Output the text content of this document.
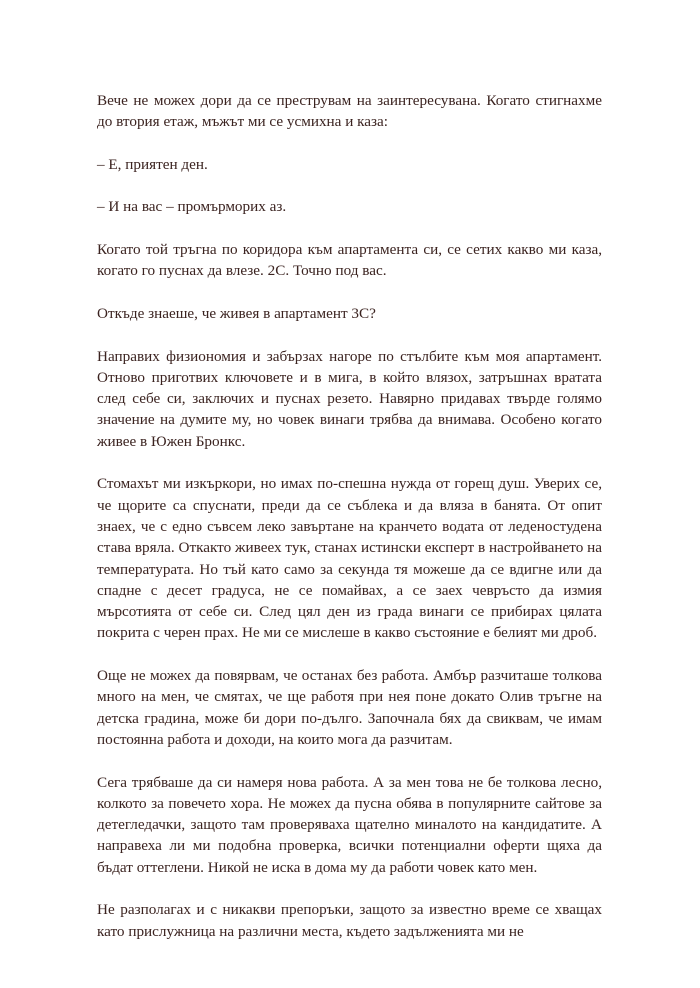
Вече не можех дори да се преструвам на заинтересувана. Когато стигнахме до втория етаж, мъжът ми се усмихна и каза:

– Е, приятен ден.

– И на вас – промърморих аз.

Когато той тръгна по коридора към апартамента си, се сетих какво ми каза, когато го пуснах да влезе. 2С. Точно под вас.

Откъде знаеше, че живея в апартамент 3С?

Направих физиономия и забързах нагоре по стълбите към моя апартамент. Отново приготвих ключовете и в мига, в който влязох, затръшнах вратата след себе си, заключих и пуснах резето. Навярно придавах твърде голямо значение на думите му, но човек винаги трябва да внимава. Особено когато живее в Южен Бронкс.

Стомахът ми изкъркори, но имах по-спешна нужда от горещ душ. Уверих се, че щорите са спуснати, преди да се съблека и да вляза в банята. От опит знаех, че с едно съвсем леко завъртане на кранчето водата от леденостудена става вряла. Откакто живеех тук, станах истински експерт в настройването на температурата. Но тъй като само за секунда тя можеше да се вдигне или да спадне с десет градуса, не се помайвах, а се заех чевръсто да измия мърсотията от себе си. След цял ден из града винаги се прибирах цялата покрита с черен прах. Не ми се мислеше в какво състояние е белият ми дроб.

Още не можех да повярвам, че останах без работа. Амбър разчиташе толкова много на мен, че смятах, че ще работя при нея поне докато Олив тръгне на детска градина, може би дори по-дълго. Започнала бях да свиквам, че имам постоянна работа и доходи, на които мога да разчитам.

Сега трябваше да си намеря нова работа. А за мен това не бе толкова лесно, колкото за повечето хора. Не можех да пусна обява в популярните сайтове за детегледачки, защото там проверяваха щателно миналото на кандидатите. А направеха ли ми подобна проверка, всички потенциални оферти щяха да бъдат оттеглени. Никой не иска в дома му да работи човек като мен.

Не разполагах и с никакви препоръки, защото за известно време се хващах като прислужница на различни места, където задълженията ми не
